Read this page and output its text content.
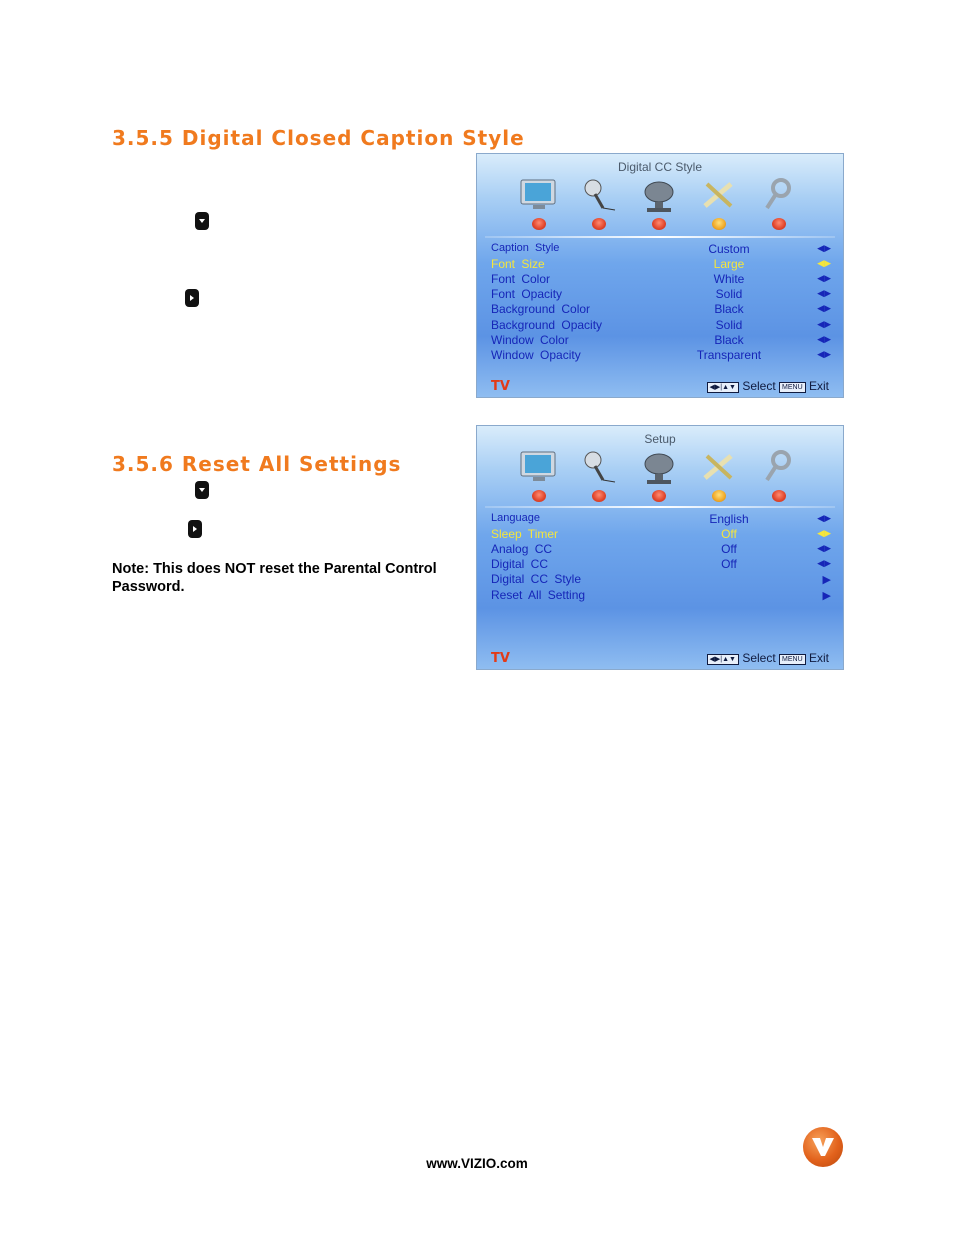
3.5.5 Digital Closed Caption Style
Digital CC Style
Caption Style	Custom	◀▶
Font Size	Large	◀▶
Font Color	White	◀▶
Font Opacity	Solid	◀▶
Background Color	Black	◀▶
Background Opacity	Solid	◀▶
Window Color	Black	◀▶
Window Opacity	Transparent	◀▶
TV	◀▶|▲▼ Select MENU Exit
3.5.6 Reset All Settings
Note: This does NOT reset the Parental Control Password.
Setup
Language	English	◀▶
Sleep Timer	Off	◀▶
Analog CC	Off	◀▶
Digital CC	Off	◀▶
Digital CC Style	▶
Reset All Setting	▶
TV	◀▶|▲▼ Select MENU Exit
www.VIZIO.com
